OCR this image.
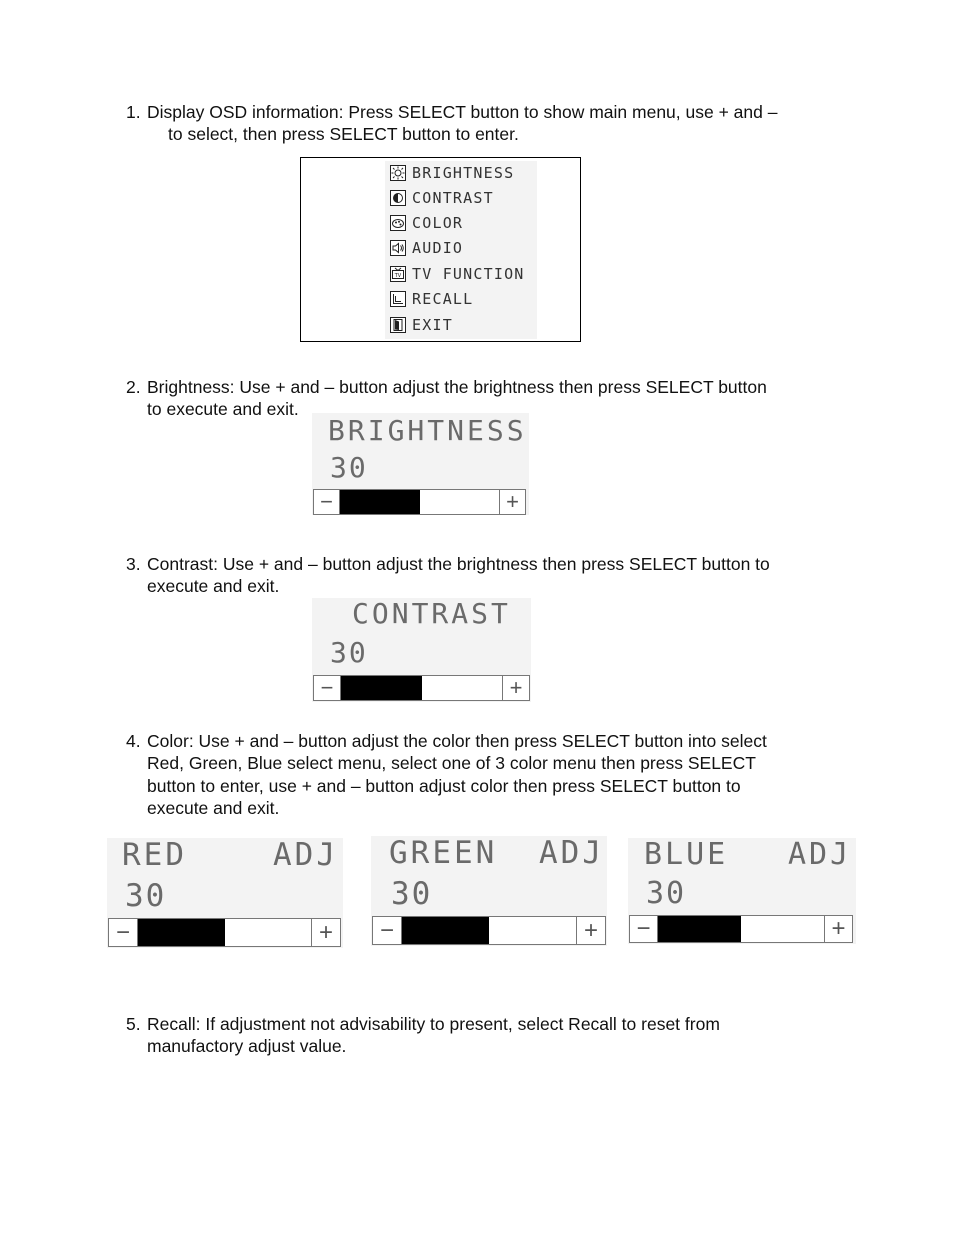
1. Display OSD information: Press SELECT button to show main menu, use + and –
to select, then press SELECT button to enter.
BRIGHTNESS
CONTRAST
COLOR
AUDIO
TV TV FUNCTION
RECALL
EXIT
2. Brightness: Use + and – button adjust the brightness then press SELECT button
to execute and exit.
BRIGHTNESS
30
−	+
3. Contrast: Use + and – button adjust the brightness then press SELECT button to
execute and exit.
CONTRAST
30
−	+
4. Color: Use + and – button adjust the color then press SELECT button into select
Red, Green, Blue select menu, select one of 3 color menu then press SELECT
button to enter, use + and – button adjust color then press SELECT button to
execute and exit.
RED	ADJ
30
−	+
GREEN ADJ
30
−	+
BLUE ADJ
30
−	+
5. Recall: If adjustment not advisability to present, select Recall to reset from
manufactory adjust value.
